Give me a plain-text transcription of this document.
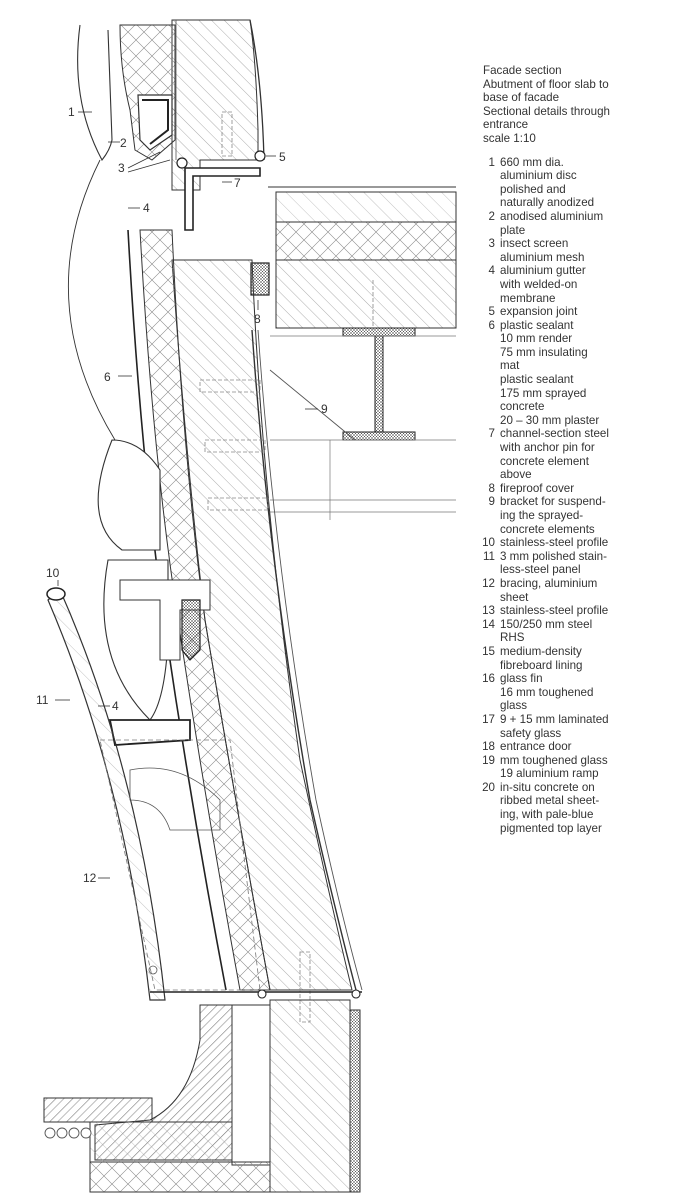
1
2
3
5
7
4
8
6
9
10
11	4
12
Facade section
Abutment of floor slab to
base of facade
Sectional details through
entrance
scale 1:10
1 660 mm dia.
aluminium disc
polished and
naturally anodized
2 anodised aluminium
plate
3 insect screen
aluminium mesh
4 aluminium gutter
with welded-on
membrane
5 expansion joint
6 plastic sealant
10 mm render
75 mm insulating
mat
plastic sealant
175 mm sprayed
concrete
20 – 30 mm plaster
7 channel-section steel
with anchor pin for
concrete element
above
8 fireproof cover
9 bracket for suspend-
ing the sprayed-
concrete elements
10 stainless-steel profile
11 3 mm polished stain-
less-steel panel
12 bracing, aluminium
sheet
13 stainless-steel profile
14 150/250 mm steel
RHS
15 medium-density
fibreboard lining
16 glass fin
16 mm toughened
glass
17 9 + 15 mm laminated
safety glass
18 entrance door
19 mm toughened glass
19 aluminium ramp
20 in-situ concrete on
ribbed metal sheet-
ing, with pale-blue
pigmented top layer
